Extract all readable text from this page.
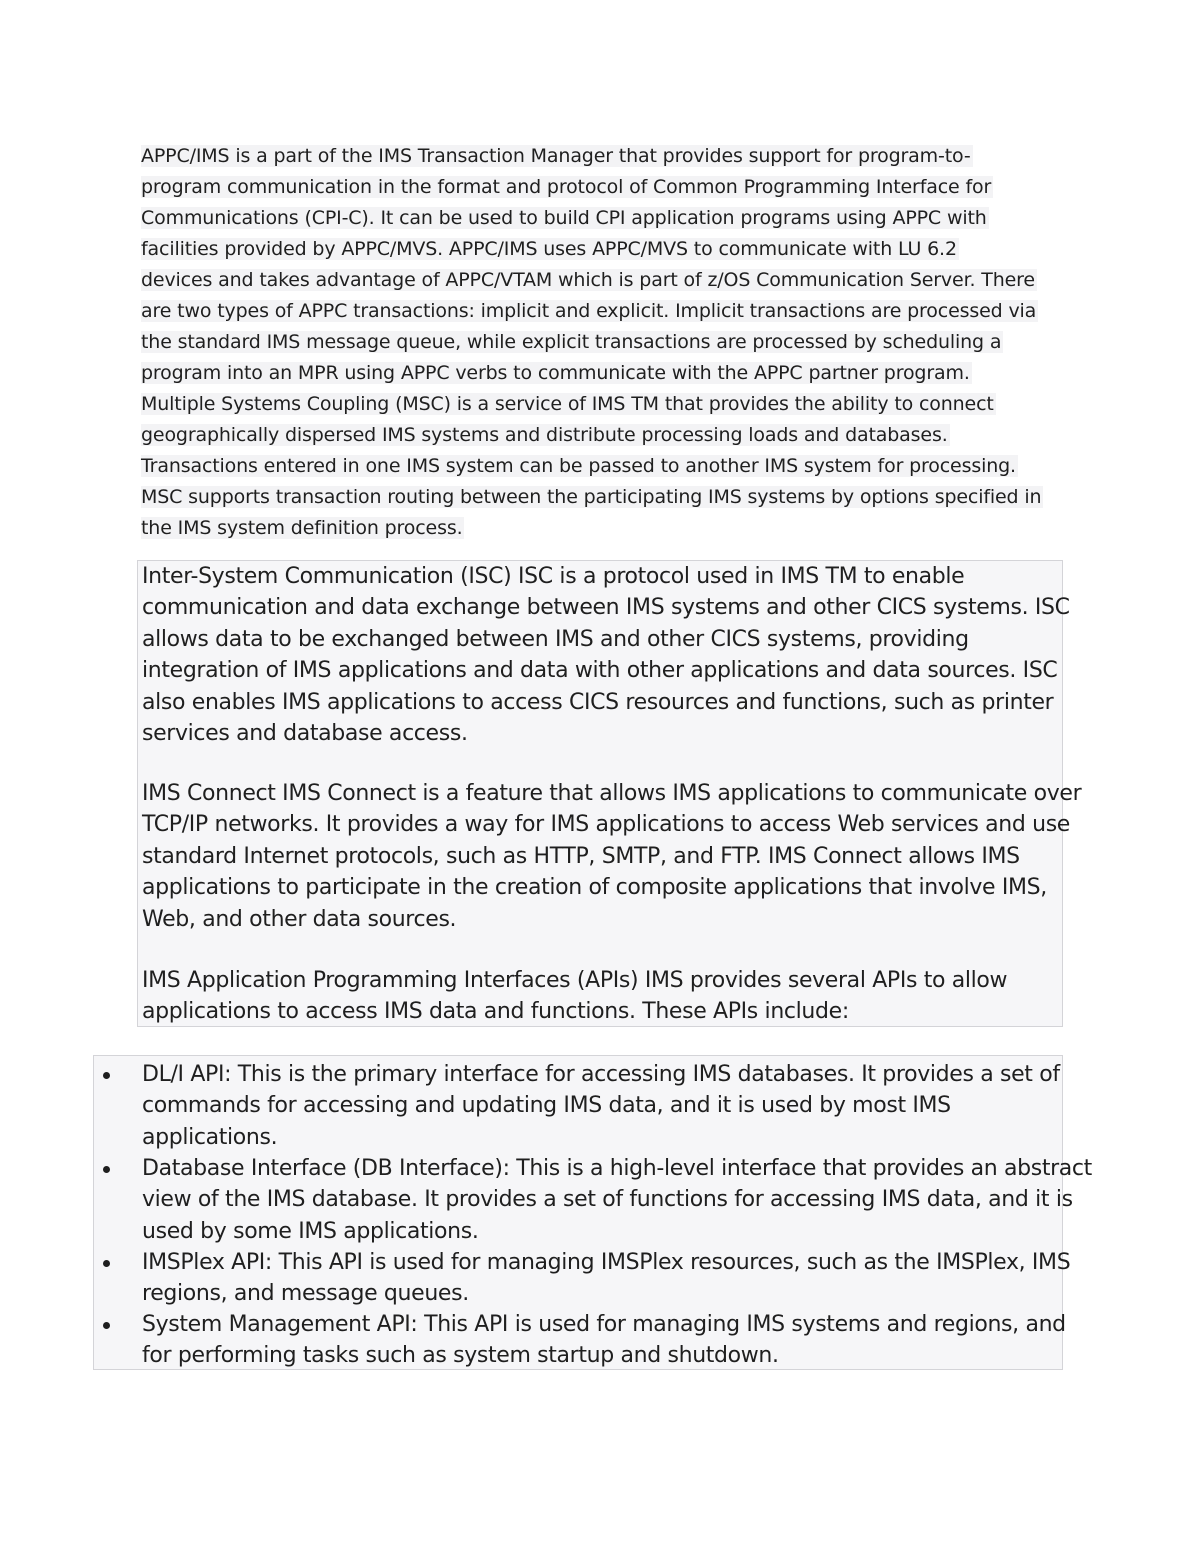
APPC/IMS is a part of the IMS Transaction Manager that provides support for program-to-
program communication in the format and protocol of Common Programming Interface for
Communications (CPI-C). It can be used to build CPI application programs using APPC with
facilities provided by APPC/MVS. APPC/IMS uses APPC/MVS to communicate with LU 6.2
devices and takes advantage of APPC/VTAM which is part of z/OS Communication Server. There
are two types of APPC transactions: implicit and explicit. Implicit transactions are processed via
the standard IMS message queue, while explicit transactions are processed by scheduling a
program into an MPR using APPC verbs to communicate with the APPC partner program.
Multiple Systems Coupling (MSC) is a service of IMS TM that provides the ability to connect
geographically dispersed IMS systems and distribute processing loads and databases.
Transactions entered in one IMS system can be passed to another IMS system for processing.
MSC supports transaction routing between the participating IMS systems by options specified in
the IMS system definition process.

Inter-System Communication (ISC) ISC is a protocol used in IMS TM to enable
communication and data exchange between IMS systems and other CICS systems. ISC
allows data to be exchanged between IMS and other CICS systems, providing
integration of IMS applications and data with other applications and data sources. ISC
also enables IMS applications to access CICS resources and functions, such as printer
services and database access.
IMS Connect IMS Connect is a feature that allows IMS applications to communicate over
TCP/IP networks. It provides a way for IMS applications to access Web services and use
standard Internet protocols, such as HTTP, SMTP, and FTP. IMS Connect allows IMS
applications to participate in the creation of composite applications that involve IMS,
Web, and other data sources.
IMS Application Programming Interfaces (APIs) IMS provides several APIs to allow
applications to access IMS data and functions. These APIs include:
DL/I API: This is the primary interface for accessing IMS databases. It provides a set of
commands for accessing and updating IMS data, and it is used by most IMS
applications.
Database Interface (DB Interface): This is a high-level interface that provides an abstract
view of the IMS database. It provides a set of functions for accessing IMS data, and it is
used by some IMS applications.
IMSPlex API: This API is used for managing IMSPlex resources, such as the IMSPlex, IMS
regions, and message queues.
System Management API: This API is used for managing IMS systems and regions, and
for performing tasks such as system startup and shutdown.
